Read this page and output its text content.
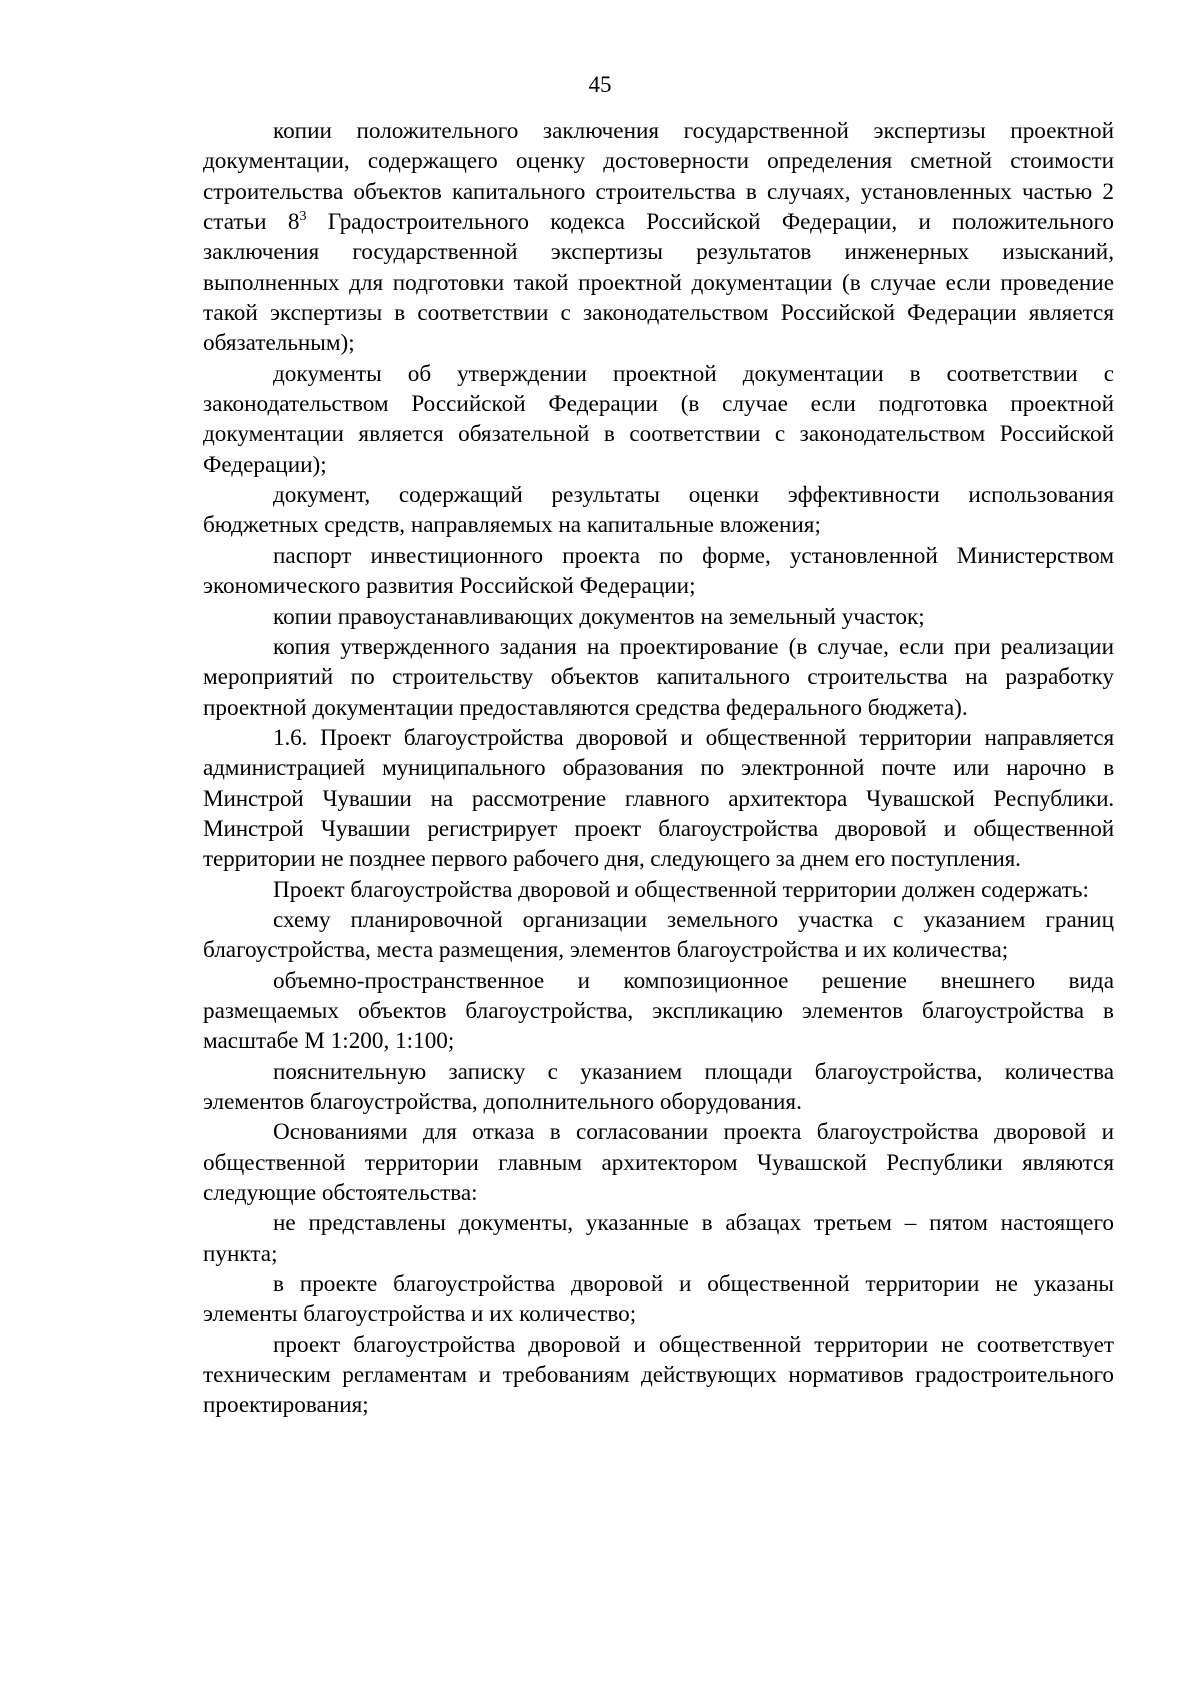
45

копии положительного заключения государственной экспертизы проектной документации, содержащего оценку достоверности определения сметной стоимости строительства объектов капитального строительства в случаях, установленных частью 2 статьи $8^3$ Градостроительного кодекса Российской Федерации, и положительного заключения государственной экспертизы результатов инженерных изысканий, выполненных для подготовки такой проектной документации (в случае если проведение такой экспертизы в соответствии с законодательством Российской Федерации является обязательным);

документы об утверждении проектной документации в соответствии с законодательством Российской Федерации (в случае если подготовка проектной документации является обязательной в соответствии с законодательством Российской Федерации);

документ, содержащий результаты оценки эффективности использования бюджетных средств, направляемых на капитальные вложения;

паспорт инвестиционного проекта по форме, установленной Министерством экономического развития Российской Федерации;

копии правоустанавливающих документов на земельный участок;

копия утвержденного задания на проектирование (в случае, если при реализации мероприятий по строительству объектов капитального строительства на разработку проектной документации предоставляются средства федерального бюджета).

1.6. Проект благоустройства дворовой и общественной территории направляется администрацией муниципального образования по электронной почте или нарочно в Минстрой Чувашии на рассмотрение главного архитектора Чувашской Республики. Минстрой Чувашии регистрирует проект благоустройства дворовой и общественной территории не позднее первого рабочего дня, следующего за днем его поступления.

Проект благоустройства дворовой и общественной территории должен содержать:

схему планировочной организации земельного участка с указанием границ благоустройства, места размещения, элементов благоустройства и их количества;

объемно-пространственное и композиционное решение внешнего вида размещаемых объектов благоустройства, экспликацию элементов благоустройства в масштабе М 1:200, 1:100;

пояснительную записку с указанием площади благоустройства, количества элементов благоустройства, дополнительного оборудования.

Основаниями для отказа в согласовании проекта благоустройства дворовой и общественной территории главным архитектором Чувашской Республики являются следующие обстоятельства:

не представлены документы, указанные в абзацах третьем – пятом настоящего пункта;

в проекте благоустройства дворовой и общественной территории не указаны элементы благоустройства и их количество;

проект благоустройства дворовой и общественной территории не соответствует техническим регламентам и требованиям действующих нормативов градостроительного проектирования;
